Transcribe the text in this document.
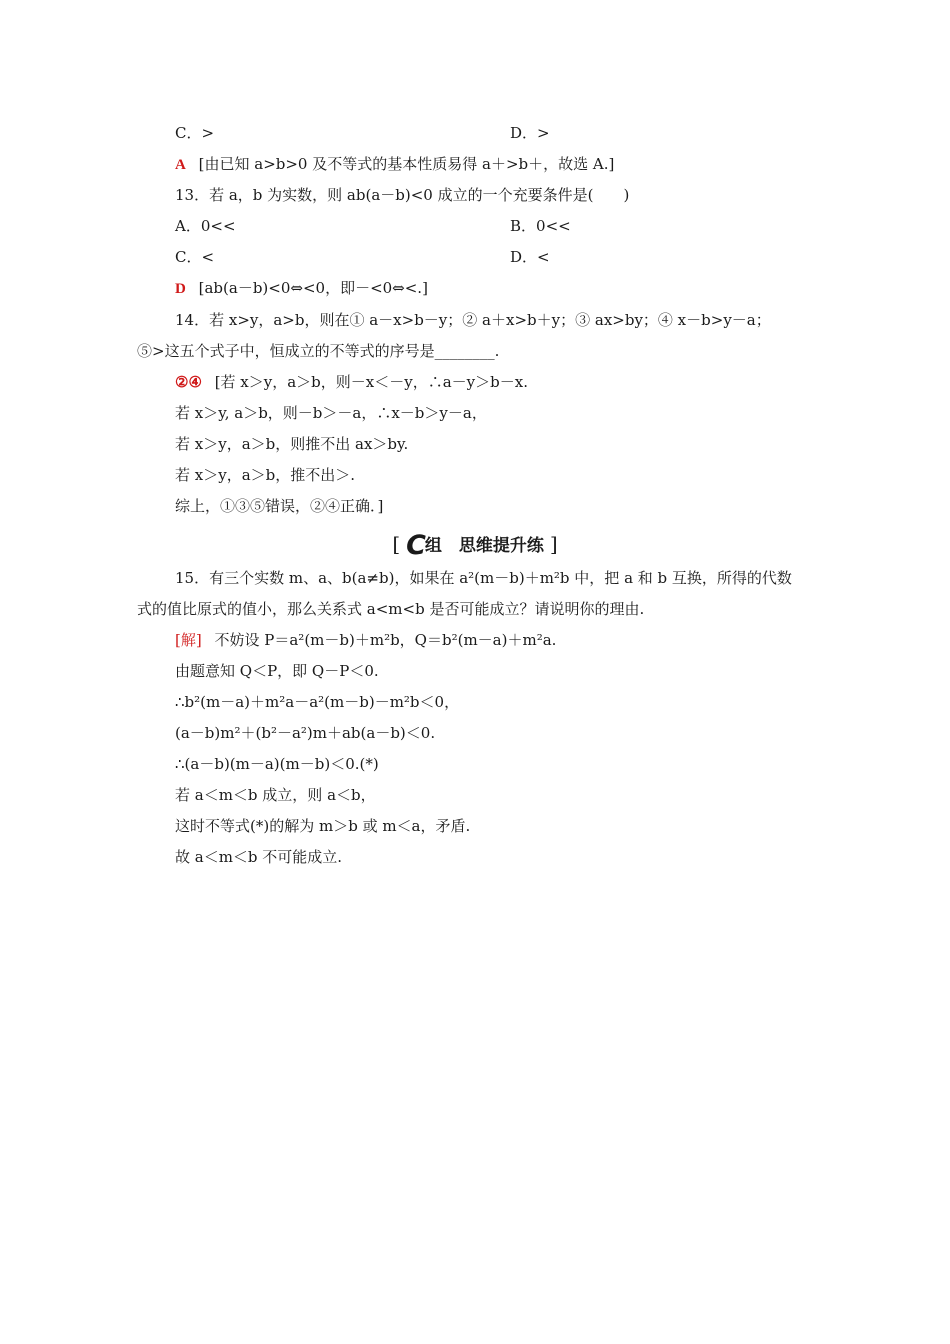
C．>	D．>
A [由已知 a>b>0 及不等式的基本性质易得 a＋>b＋，故选 A.]
13．若 a，b 为实数，则 ab(a－b)<0 成立的一个充要条件是(　　)
A．0<<	B．0<<
C．<	D．<
D [ab(a－b)<0⇔<0，即－<0⇔<.]
14．若 x>y，a>b，则在① a－x>b－y；② a＋x>b＋y；③ ax>by；④ x－b>y－a；
⑤>这五个式子中，恒成立的不等式的序号是________.
②④ [若 x＞y，a＞b，则－x＜－y，∴a－y＞b－x.
若 x＞y, a＞b，则－b＞－a，∴x－b＞y－a，
若 x＞y，a＞b，则推不出 ax＞by.
若 x＞y，a＞b，推不出＞.
综上，①③⑤错误，②④正确．]
[ C组　思维提升练 ]
15．有三个实数 m、a、b(a≠b)，如果在 a²(m－b)＋m²b 中，把 a 和 b 互换，所得的代数
式的值比原式的值小，那么关系式 a<m<b 是否可能成立？请说明你的理由.
[解] 不妨设 P＝a²(m－b)＋m²b，Q＝b²(m－a)＋m²a.
由题意知 Q＜P，即 Q－P＜0.
∴b²(m－a)＋m²a－a²(m－b)－m²b＜0，
(a－b)m²＋(b²－a²)m＋ab(a－b)＜0.
∴(a－b)(m－a)(m－b)＜0.(*)
若 a＜m＜b 成立，则 a＜b，
这时不等式(*)的解为 m＞b 或 m＜a，矛盾.
故 a＜m＜b 不可能成立.
